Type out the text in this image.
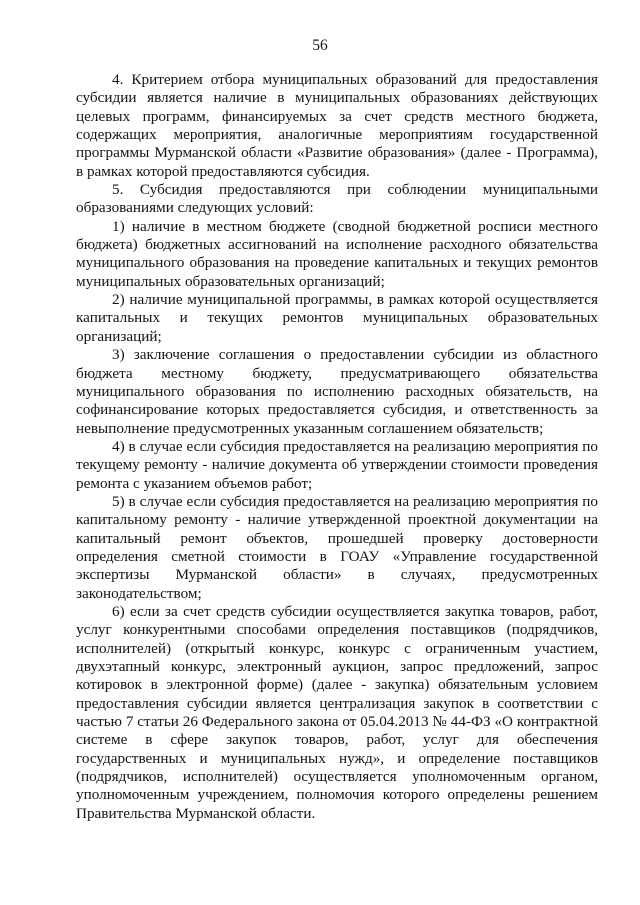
56

4. Критерием отбора муниципальных образований для предоставления субсидии является наличие в муниципальных образованиях действующих целевых программ, финансируемых за счет средств местного бюджета, содержащих мероприятия, аналогичные мероприятиям государственной программы Мурманской области «Развитие образования» (далее - Программа), в рамках которой предоставляются субсидия.

5. Субсидия предоставляются при соблюдении муниципальными образованиями следующих условий:

1) наличие в местном бюджете (сводной бюджетной росписи местного бюджета) бюджетных ассигнований на исполнение расходного обязательства муниципального образования на проведение капитальных и текущих ремонтов муниципальных образовательных организаций;

2) наличие муниципальной программы, в рамках которой осуществляется капитальных и текущих ремонтов муниципальных образовательных организаций;

3) заключение соглашения о предоставлении субсидии из областного бюджета местному бюджету, предусматривающего обязательства муниципального образования по исполнению расходных обязательств, на софинансирование которых предоставляется субсидия, и ответственность за невыполнение предусмотренных указанным соглашением обязательств;

4) в случае если субсидия предоставляется на реализацию мероприятия по текущему ремонту - наличие документа об утверждении стоимости проведения ремонта с указанием объемов работ;

5) в случае если субсидия предоставляется на реализацию мероприятия по капитальному ремонту - наличие утвержденной проектной документации на капитальный ремонт объектов, прошедшей проверку достоверности определения сметной стоимости в ГОАУ «Управление государственной экспертизы Мурманской области» в случаях, предусмотренных законодательством;

6) если за счет средств субсидии осуществляется закупка товаров, работ, услуг конкурентными способами определения поставщиков (подрядчиков, исполнителей) (открытый конкурс, конкурс с ограниченным участием, двухэтапный конкурс, электронный аукцион, запрос предложений, запрос котировок в электронной форме) (далее - закупка) обязательным условием предоставления субсидии является централизация закупок в соответствии с частью 7 статьи 26 Федерального закона от 05.04.2013 № 44-ФЗ «О контрактной системе в сфере закупок товаров, работ, услуг для обеспечения государственных и муниципальных нужд», и определение поставщиков (подрядчиков, исполнителей) осуществляется уполномоченным органом, уполномоченным учреждением, полномочия которого определены решением Правительства Мурманской области.
